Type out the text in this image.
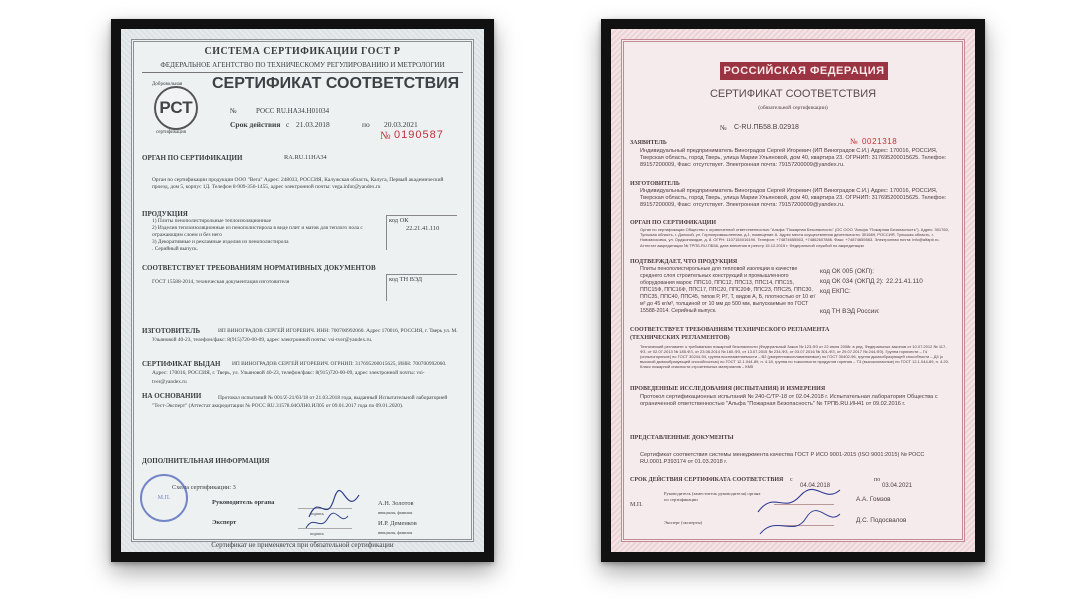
СИСТЕМА СЕРТИФИКАЦИИ ГОСТ Р
ФЕДЕРАЛЬНОЕ АГЕНТСТВО ПО ТЕХНИЧЕСКОМУ РЕГУЛИРОВАНИЮ И МЕТРОЛОГИИ
СЕРТИФИКАТ СООТВЕТСТВИЯ
РСТ
Добровольная
сертификация
№	РОСС RU.HA34.H01034
Срок действия с 21.03.2018	по 20.03.2021
№ 0190587
ОРГАН ПО СЕРТИФИКАЦИИ	RA.RU.11HA34
Орган по сертификации продукции ООО "Вега" Адрес: 248033, РОССИЯ, Калужская область, Калуга, Первый академический проезд, дом 5, корпус 1Д. Телефон 8-909-356-1455, адрес электронной почты: vega.infor@yandex.ru
ПРОДУКЦИЯ
1) Плиты пенополистирольные теплоизоляционные
2) Изделия теплоизоляционные из пенополистирола в виде плит и матов для теплого пола с отражающим слоем и без него
3) Декоративные и рекламные изделия из пенополистирола
. Серийный выпуск.
код ОК
22.21.41.110
СООТВЕТСТВУЕТ ТРЕБОВАНИЯМ НОРМАТИВНЫХ ДОКУМЕНТОВ
ГОСТ 15588-2014, техническая документация изготовителя	код ТН ВЭД
ИЗГОТОВИТЕЛЬ	ИП ВИНОГРАДОВ СЕРГЕЙ ИГОРЕВИЧ. ИНН: 700700992060. Адрес 170016, РОССИЯ, г. Тверь ул. М. Ульяновой 40-23, телефон/факс: 8(915)720-00-09, адрес электронной почты: vsi-tver@yandex.ru.
СЕРТИФИКАТ ВЫДАН	ИП ВИНОГРАДОВ СЕРГЕЙ ИГОРЕВИЧ. ОГРНИП: 317695200015625, ИНН: 700700992060. Адрес: 170016, РОССИЯ, г. Тверь, ул. Ульяновой 40-23, телефон/факс: 8(915)720-00-09, адрес электронной почты: vsi-tver@yandex.ru
НА ОСНОВАНИИ	Протокол испытаний № 001/Z-21/03/18 от 21.03.2018 года, выданный Испытательной лабораторией "Тест-Эксперт" (Аттестат аккредитации № РОСС RU.31578.04ОЛН0.ИЛ05 от 09.01.2017 года по 09.01.2020).
ДОПОЛНИТЕЛЬНАЯ ИНФОРМАЦИЯ
Схема сертификации: 3
М.П.
Руководитель органа
подпись
А.Н. Золотов
инициалы, фамилия
Эксперт
подпись
И.Р. Деменков
инициалы, фамилия
Сертификат не применяется при обязательной сертификации
РОССИЙСКАЯ ФЕДЕРАЦИЯ
СЕРТИФИКАТ СООТВЕТСТВИЯ
(обязательной сертификации)
№ C-RU.ПБ58.В.02918
ЗАЯВИТЕЛЬ	№ 0021318
Индивидуальный предприниматель Виноградов Сергей Игоревич (ИП Виноградов С.И.) Адрес: 170016, РОССИЯ, Тверская область, город Тверь, улица Марии Ульяновой, дом 40, квартира 23. ОГРНИП: 317695200015625. Телефон: 89157200009, Факс: отсутствует. Электронная почта: 79157200009@yandex.ru.
ИЗГОТОВИТЕЛЬ
Индивидуальный предприниматель Виноградов Сергей Игоревич (ИП Виноградов С.И.) Адрес: 170016, РОССИЯ, Тверская область, город Тверь, улица Марии Ульяновой, дом 40, квартира 23. ОГРНИП: 317695200015625. Телефон: 89157200009, Факс: отсутствует. Электронная почта: 79157200009@yandex.ru.
ОРГАН ПО СЕРТИФИКАЦИИ
Орган по сертификации Общество с ограниченной ответственностью "Альфа "Пожарная Безопасность" (ОС ООО "Альфа "Пожарная Безопасность"). Адрес: 301760, Тульская область, г. Донской, ул. Горнопромышленная, д.1, помещение А. Адрес места осуществления деятельности: 301669, РОССИЯ, Тульская область, г. Новомосковск, ул. Орджоникидзе, д. 8. ОГРН: 1107154016190. Телефон: +74874655563, +74862607886. Факс: +74874655563. Электронная почта: info@alfapb.ru. Аттестат аккредитации № ТРПБ.RU.ПБ58, дата внесения в реестр 15.12.2015 г. Федеральной службой по аккредитации
ПОДТВЕРЖДАЕТ, ЧТО ПРОДУКЦИЯ
Плиты пенополистирольные для тепловой изоляции в качестве среднего слоя строительных конструкций и промышленного оборудования марок: ППС10, ППС12, ППС13, ППС14, ППС15, ППС15Ф, ППС16Ф, ППС17, ППС20, ППС20Ф, ППС23, ППС25, ППС30, ППС35, ППС40, ППС45, типов Р, РГ, Т, видов А, Б, плотностью от 10 кг/м³ до 45 кг/м³, толщиной от 10 мм до 500 мм, выпускаемые по ГОСТ 15588-2014. Серийный выпуск.
код ОК 005 (ОКП):
код ОК 034 (ОКПД 2): 22.21.41.110
код ЕКПС:
код ТН ВЭД России:
СООТВЕТСТВУЕТ ТРЕБОВАНИЯМ ТЕХНИЧЕСКОГО РЕГЛАМЕНТА (ТЕХНИЧЕСКИХ РЕГЛАМЕНТОВ)
Технический регламент о требованиях пожарной безопасности (Федеральный Закон № 123-ФЗ от 22 июля 2008г. в ред. Федеральных законов от 10.07.2012 № 117-ФЗ, от 02.07.2013 № 185-ФЗ, от 23.06.2014 № 160-ФЗ, от 13.07.2015 № 234-ФЗ, от 03.07.2016 № 301-ФЗ, от 29.07.2017 № 244-ФЗ). Группа горючести – Г4 (сильногорючие) по ГОСТ 30244-94, группа воспламеняемости – В2 (умеренновоспламеняемые) по ГОСТ 30402-96, группа дымообразующей способности – Д3 (с высокой дымообразующей способностью) по ГОСТ 12.1.044-89, п. 4.18, группа по токсичности продуктов горения – Т3 (высокоопасные) по ГОСТ 12.1.044-89, п. 4.20. Класс пожарной опасности строительных материалов – КМ5
ПРОВЕДЕННЫЕ ИССЛЕДОВАНИЯ (ИСПЫТАНИЯ) И ИЗМЕРЕНИЯ
Протокол сертификационных испытаний № 240-С/ТР-18 от 02.04.2018 г. Испытательная лаборатория Общества с ограниченной ответственностью "Альфа "Пожарная Безопасность" № ТРПБ.RU.ИН41 от 09.02.2016 г.
ПРЕДСТАВЛЕННЫЕ ДОКУМЕНТЫ
Сертификат соответствия системы менеджмента качества ГОСТ Р ИСО 9001-2015 (ISO 9001:2015) № РОСС RU.0001.Р393174 от 01.03.2018 г.
СРОК ДЕЙСТВИЯ СЕРТИФИКАТА СООТВЕТСТВИЯ с
04.04.2018
по
03.04.2021
Руководитель (заместитель руководителя) органа по сертификации
М.П.
А.А. Гомзов
Эксперт (эксперты)	Д.С. Подосвалов
